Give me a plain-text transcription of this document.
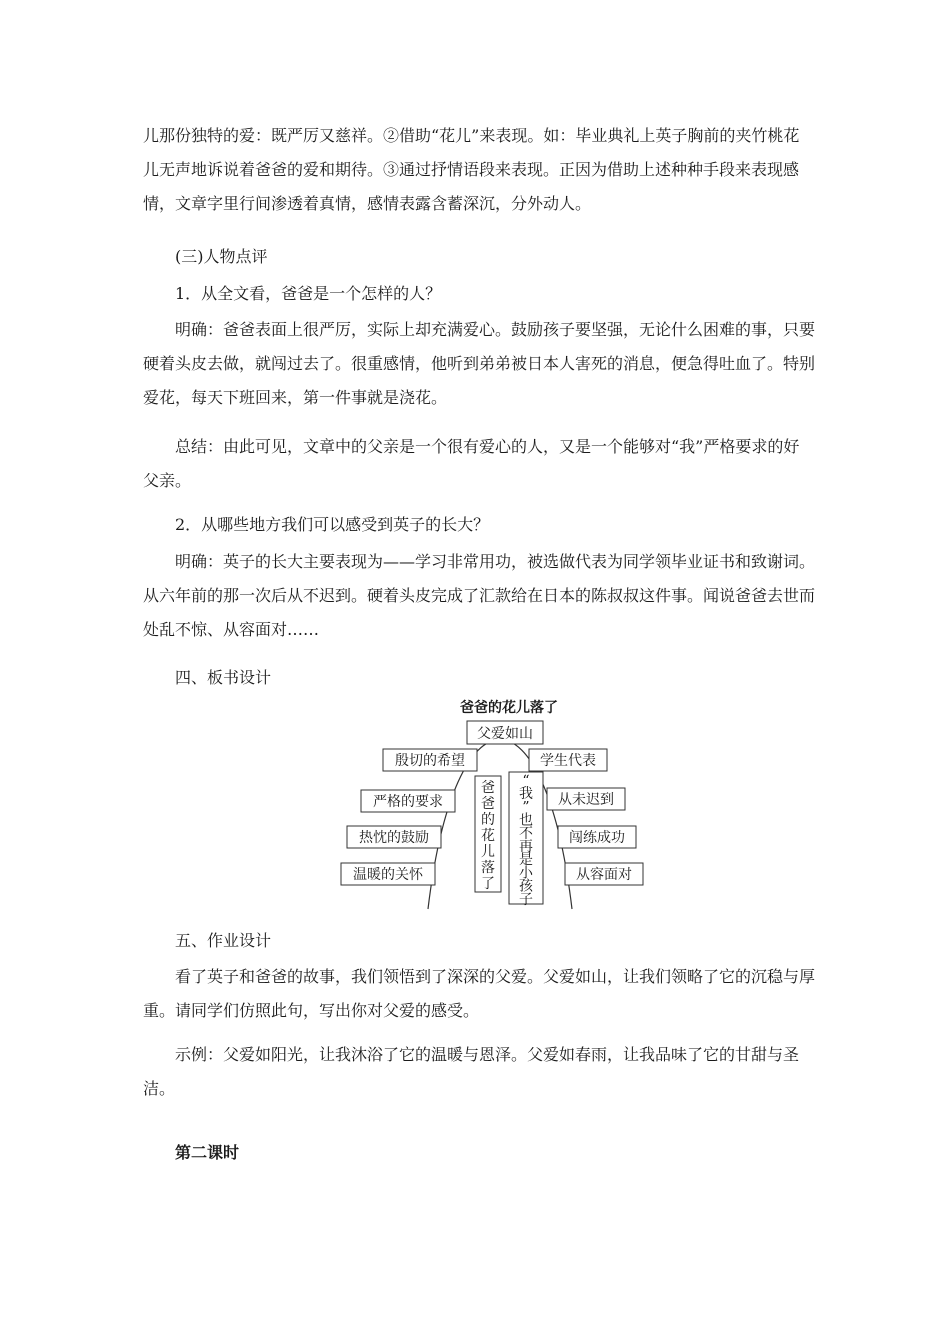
儿那份独特的爱：既严厉又慈祥。②借助“花儿”来表现。如：毕业典礼上英子胸前的夹竹桃花儿无声地诉说着爸爸的爱和期待。③通过抒情语段来表现。正因为借助上述种种手段来表现感情，文章字里行间渗透着真情，感情表露含蓄深沉，分外动人。

(三)人物点评

1．从全文看，爸爸是一个怎样的人？

明确：爸爸表面上很严厉，实际上却充满爱心。鼓励孩子要坚强，无论什么困难的事，只要硬着头皮去做，就闯过去了。很重感情，他听到弟弟被日本人害死的消息，便急得吐血了。特别爱花，每天下班回来，第一件事就是浇花。

总结：由此可见，文章中的父亲是一个很有爱心的人，又是一个能够对“我”严格要求的好父亲。

2．从哪些地方我们可以感受到英子的长大？

明确：英子的长大主要表现为——学习非常用功，被选做代表为同学领毕业证书和致谢词。从六年前的那一次后从不迟到。硬着头皮完成了汇款给在日本的陈叔叔这件事。闻说爸爸去世而处乱不惊、从容面对……

四、板书设计

爸爸的花儿落了
父爱如山
殷切的希望
严格的要求
热忱的鼓励
温暖的关怀
学生代表
从未迟到
闯练成功
从容面对
爸
爸
的
花
儿
落
了
“
我
”
也
不
再
是
小
孩
子

五、作业设计

看了英子和爸爸的故事，我们领悟到了深深的父爱。父爱如山，让我们领略了它的沉稳与厚重。请同学们仿照此句，写出你对父爱的感受。

示例：父爱如阳光，让我沐浴了它的温暖与恩泽。父爱如春雨，让我品味了它的甘甜与圣洁。

第二课时
